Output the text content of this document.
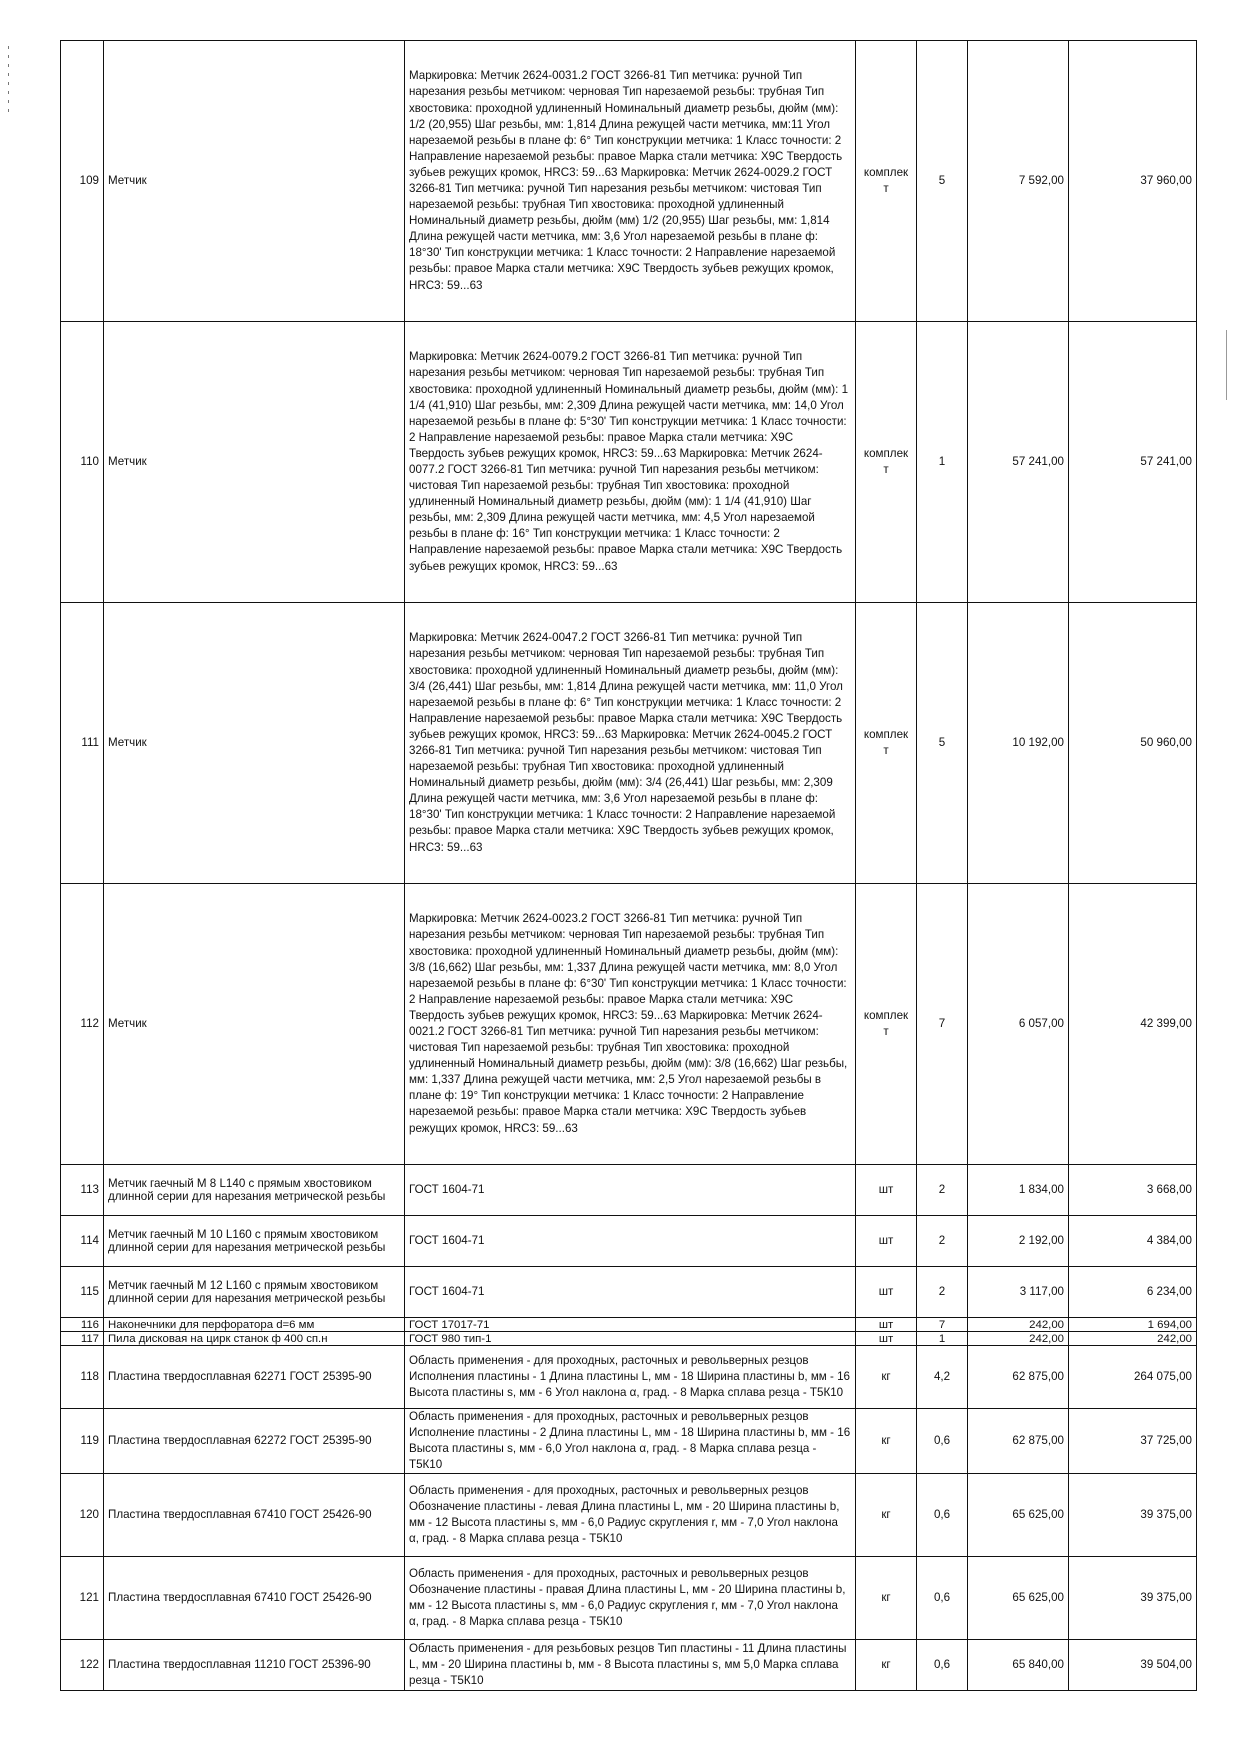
109	Метчик	Маркировка: Метчик 2624-0031.2 ГОСТ 3266-81 Тип метчика: ручной Тип нарезания резьбы метчиком: черновая Тип нарезаемой резьбы: трубная Тип хвостовика: проходной удлиненный Номинальный диаметр резьбы, дюйм (мм): 1/2 (20,955) Шаг резьбы, мм: 1,814 Длина режущей части метчика, мм:11 Угол нарезаемой резьбы в плане ф: 6° Тип конструкции метчика: 1 Класс точности: 2 Направление нарезаемой резьбы: правое Марка стали метчика: Х9С Твердость зубьев режущих кромок, HRC3: 59...63 Маркировка: Метчик 2624-0029.2 ГОСТ 3266-81 Тип метчика: ручной Тип нарезания резьбы метчиком: чистовая Тип нарезаемой резьбы: трубная Тип хвостовика: проходной удлиненный Номинальный диаметр резьбы, дюйм (мм) 1/2 (20,955) Шаг резьбы, мм: 1,814 Длина режущей части метчика, мм: 3,6 Угол нарезаемой резьбы в плане ф: 18°30' Тип конструкции метчика: 1 Класс точности: 2 Направление нарезаемой резьбы: правое Марка стали метчика: Х9С Твердость зубьев режущих кромок, HRC3: 59...63	комплек т	5	7 592,00	37 960,00
110	Метчик	Маркировка: Метчик 2624-0079.2 ГОСТ 3266-81 Тип метчика: ручной Тип нарезания резьбы метчиком: черновая Тип нарезаемой резьбы: трубная Тип хвостовика: проходной удлиненный Номинальный диаметр резьбы, дюйм (мм): 1 1/4 (41,910) Шаг резьбы, мм: 2,309 Длина режущей части метчика, мм: 14,0 Угол нарезаемой резьбы в плане ф: 5°30' Тип конструкции метчика: 1 Класс точности: 2 Направление нарезаемой резьбы: правое Марка стали метчика: Х9С Твердость зубьев режущих кромок, HRC3: 59...63 Маркировка: Метчик 2624-0077.2 ГОСТ 3266-81 Тип метчика: ручной Тип нарезания резьбы метчиком: чистовая Тип нарезаемой резьбы: трубная Тип хвостовика: проходной удлиненный Номинальный диаметр резьбы, дюйм (мм): 1 1/4 (41,910) Шаг резьбы, мм: 2,309 Длина режущей части метчика, мм: 4,5 Угол нарезаемой резьбы в плане ф: 16° Тип конструкции метчика: 1 Класс точности: 2 Направление нарезаемой резьбы: правое Марка стали метчика: Х9С Твердость зубьев режущих кромок, HRC3: 59...63	комплек т	1	57 241,00	57 241,00
111	Метчик	Маркировка: Метчик 2624-0047.2 ГОСТ 3266-81 Тип метчика: ручной Тип нарезания резьбы метчиком: черновая Тип нарезаемой резьбы: трубная Тип хвостовика: проходной удлиненный Номинальный диаметр резьбы, дюйм (мм): 3/4 (26,441) Шаг резьбы, мм: 1,814 Длина режущей части метчика, мм: 11,0 Угол нарезаемой резьбы в плане ф: 6° Тип конструкции метчика: 1 Класс точности: 2 Направление нарезаемой резьбы: правое Марка стали метчика: Х9С Твердость зубьев режущих кромок, HRC3: 59...63 Маркировка: Метчик 2624-0045.2 ГОСТ 3266-81 Тип метчика: ручной Тип нарезания резьбы метчиком: чистовая Тип нарезаемой резьбы: трубная Тип хвостовика: проходной удлиненный Номинальный диаметр резьбы, дюйм (мм): 3/4 (26,441) Шаг резьбы, мм: 2,309 Длина режущей части метчика, мм: 3,6 Угол нарезаемой резьбы в плане ф: 18°30' Тип конструкции метчика: 1 Класс точности: 2 Направление нарезаемой резьбы: правое Марка стали метчика: Х9С Твердость зубьев режущих кромок, HRC3: 59...63	комплек т	5	10 192,00	50 960,00
112	Метчик	Маркировка: Метчик 2624-0023.2 ГОСТ 3266-81 Тип метчика: ручной Тип нарезания резьбы метчиком: черновая Тип нарезаемой резьбы: трубная Тип хвостовика: проходной удлиненный Номинальный диаметр резьбы, дюйм (мм): 3/8 (16,662) Шаг резьбы, мм: 1,337 Длина режущей части метчика, мм: 8,0 Угол нарезаемой резьбы в плане ф: 6°30' Тип конструкции метчика: 1 Класс точности: 2 Направление нарезаемой резьбы: правое Марка стали метчика: Х9С Твердость зубьев режущих кромок, HRC3: 59...63 Маркировка: Метчик 2624-0021.2 ГОСТ 3266-81 Тип метчика: ручной Тип нарезания резьбы метчиком: чистовая Тип нарезаемой резьбы: трубная Тип хвостовика: проходной удлиненный Номинальный диаметр резьбы, дюйм (мм): 3/8 (16,662) Шаг резьбы, мм: 1,337 Длина режущей части метчика, мм: 2,5 Угол нарезаемой резьбы в плане ф: 19° Тип конструкции метчика: 1 Класс точности: 2 Направление нарезаемой резьбы: правое Марка стали метчика: Х9С Твердость зубьев режущих кромок, HRC3: 59...63	комплек т	7	6 057,00	42 399,00
113	Метчик гаечный М 8 L140 с прямым хвостовиком длинной серии для нарезания метрической резьбы	ГОСТ 1604-71	шт	2	1 834,00	3 668,00
114	Метчик гаечный М 10 L160 с прямым хвостовиком длинной серии для нарезания метрической резьбы	ГОСТ 1604-71	шт	2	2 192,00	4 384,00
115	Метчик гаечный М 12 L160 с прямым хвостовиком длинной серии для нарезания метрической резьбы	ГОСТ 1604-71	шт	2	3 117,00	6 234,00
116	Наконечники для перфоратора d=6 мм	ГОСТ 17017-71	шт	7	242,00	1 694,00
117	Пила дисковая на цирк станок ф 400 сп.н	ГОСТ 980 тип-1	шт	1	242,00	242,00
118	Пластина твердосплавная 62271 ГОСТ 25395-90	Область применения - для проходных, расточных и револьверных резцов Исполнения пластины - 1 Длина пластины L, мм - 18 Ширина пластины b, мм - 16 Высота пластины s, мм - 6 Угол наклона α, град. - 8 Марка сплава резца - Т5К10	кг	4,2	62 875,00	264 075,00
119	Пластина твердосплавная 62272 ГОСТ 25395-90	Область применения - для проходных, расточных и револьверных резцов Исполнение пластины - 2 Длина пластины L, мм - 18 Ширина пластины b, мм - 16 Высота пластины s, мм - 6,0 Угол наклона α, град. - 8 Марка сплава резца - Т5К10	кг	0,6	62 875,00	37 725,00
120	Пластина твердосплавная 67410 ГОСТ 25426-90	Область применения - для проходных, расточных и револьверных резцов Обозначение пластины - левая Длина пластины L, мм - 20 Ширина пластины b, мм - 12 Высота пластины s, мм - 6,0 Радиус скругления r, мм - 7,0 Угол наклона α, град. - 8 Марка сплава резца - Т5К10	кг	0,6	65 625,00	39 375,00
121	Пластина твердосплавная 67410 ГОСТ 25426-90	Область применения - для проходных, расточных и револьверных резцов Обозначение пластины - правая Длина пластины L, мм - 20 Ширина пластины b, мм - 12 Высота пластины s, мм - 6,0 Радиус скругления r, мм - 7,0 Угол наклона α, град. - 8 Марка сплава резца - Т5К10	кг	0,6	65 625,00	39 375,00
122	Пластина твердосплавная 11210 ГОСТ 25396-90	Область применения - для резьбовых резцов Тип пластины - 11 Длина пластины L, мм - 20 Ширина пластины b, мм - 8 Высота пластины s, мм 5,0 Марка сплава резца - Т5К10	кг	0,6	65 840,00	39 504,00
